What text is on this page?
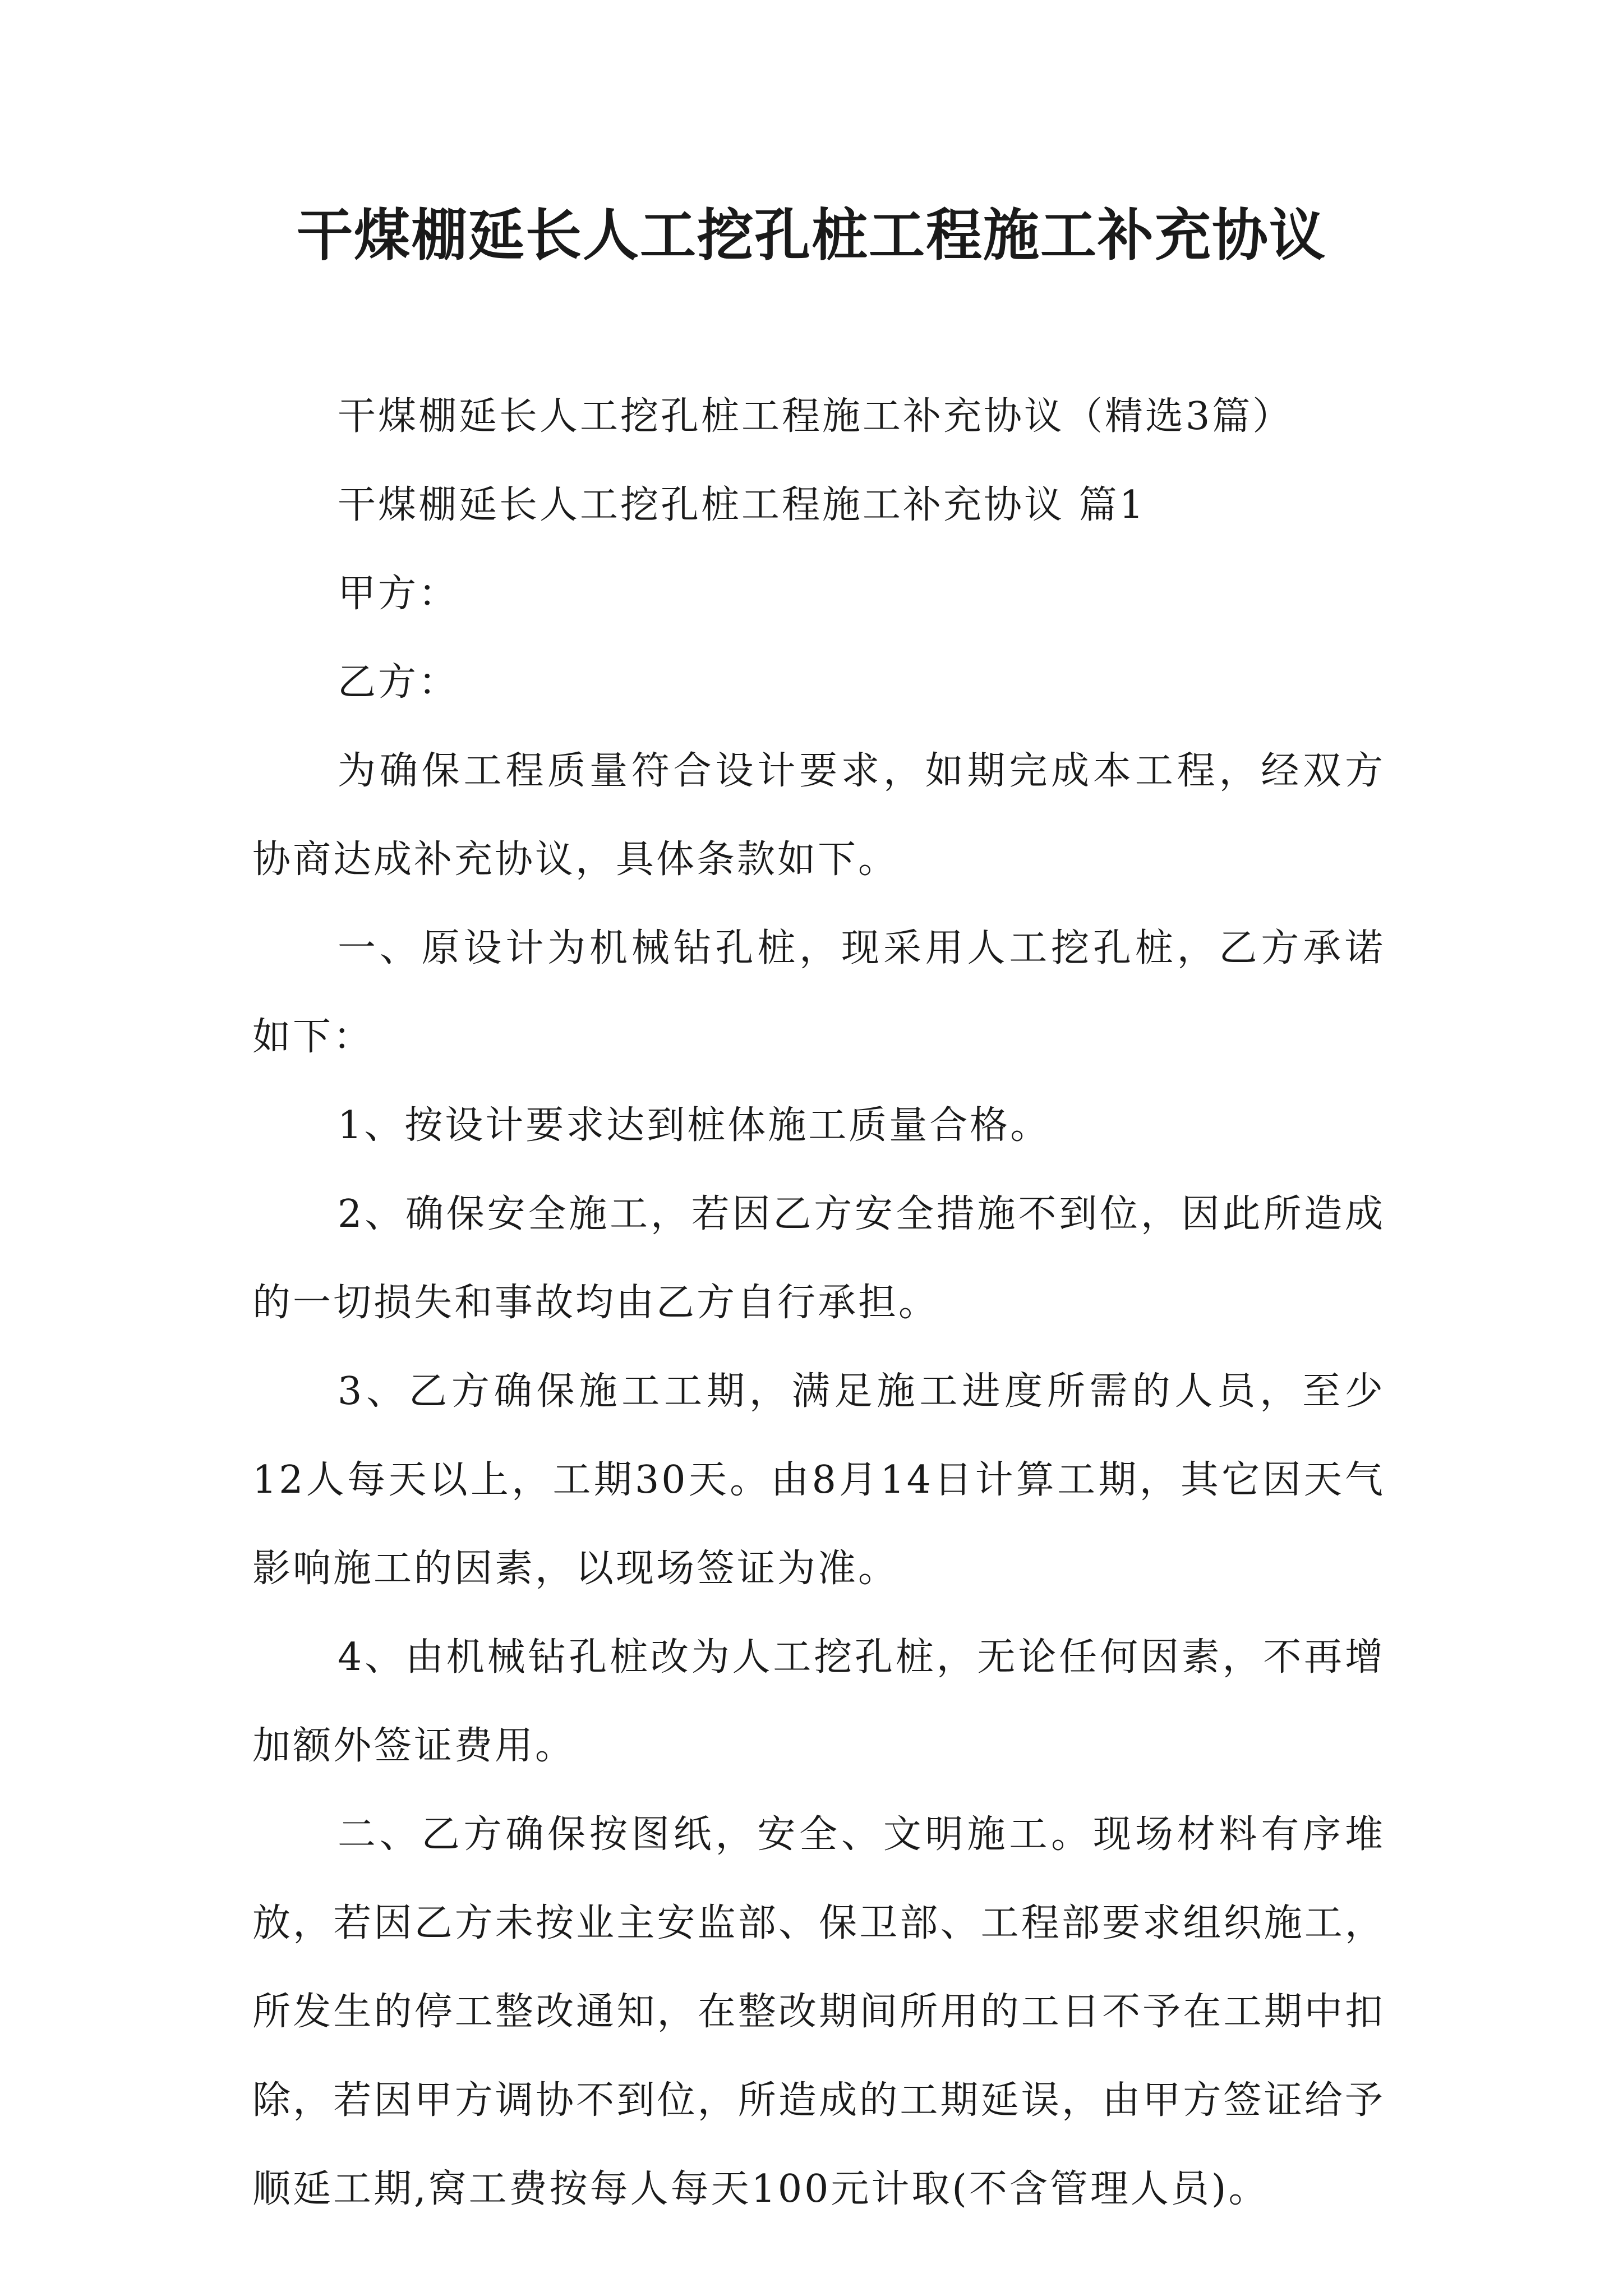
干煤棚延长人工挖孔桩工程施工补充协议

干煤棚延长人工挖孔桩工程施工补充协议（精选3篇）

干煤棚延长人工挖孔桩工程施工补充协议 篇1

甲方：

乙方：

为确保工程质量符合设计要求，如期完成本工程，经双方协商达成补充协议，具体条款如下。

一、原设计为机械钻孔桩，现采用人工挖孔桩，乙方承诺如下：

1、按设计要求达到桩体施工质量合格。

2、确保安全施工，若因乙方安全措施不到位，因此所造成的一切损失和事故均由乙方自行承担。

3、乙方确保施工工期，满足施工进度所需的人员，至少12人每天以上，工期30天。由8月14日计算工期，其它因天气影响施工的因素，以现场签证为准。

4、由机械钻孔桩改为人工挖孔桩，无论任何因素，不再增加额外签证费用。

二、乙方确保按图纸，安全、文明施工。现场材料有序堆放，若因乙方未按业主安监部、保卫部、工程部要求组织施工，所发生的停工整改通知，在整改期间所用的工日不予在工期中扣除，若因甲方调协不到位，所造成的工期延误，由甲方签证给予顺延工期,窝工费按每人每天100元计取(不含管理人员)。
